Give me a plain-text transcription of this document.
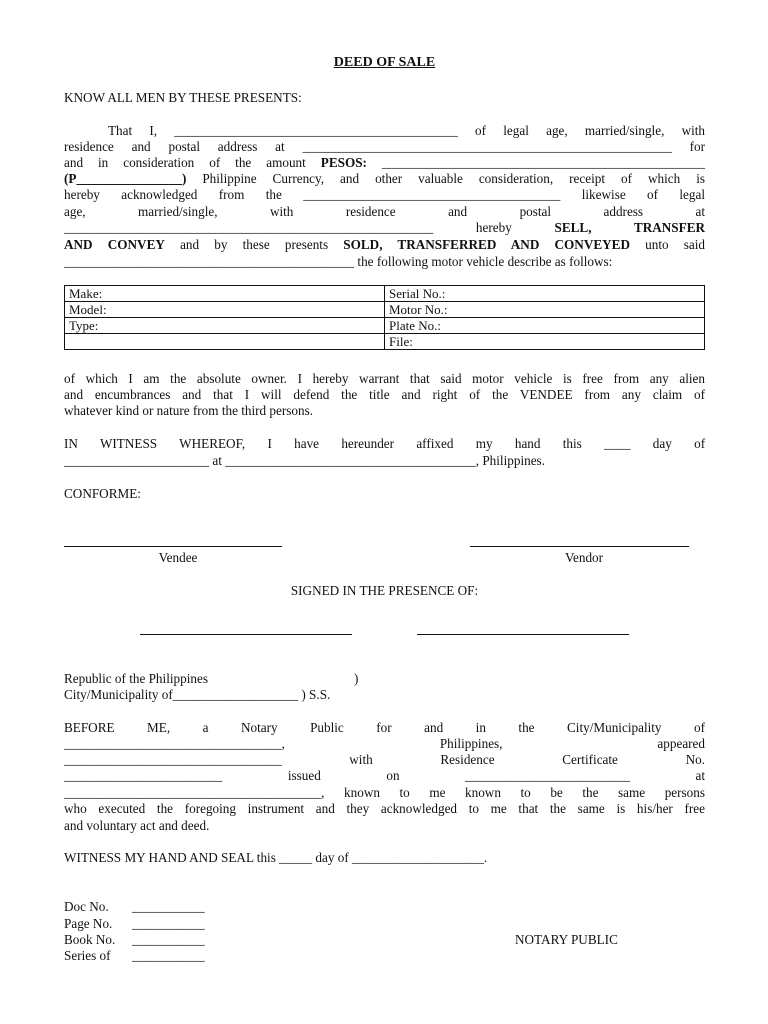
DEED OF SALE
KNOW ALL MEN BY THESE PRESENTS:
That I, ___________________________________________ of legal age, married/single, with
residence and postal address at ________________________________________________________ for
and in consideration of the amount PESOS: _________________________________________________
(P________________) Philippine Currency, and other valuable consideration, receipt of which is
hereby acknowledged from the _______________________________________ likewise of legal
age,	married/single,	with	residence	and	postal	address	at
________________________________________________________	hereby	SELL, TRANSFER
AND CONVEY and by these presents SOLD, TRANSFERRED AND CONVEYED unto said
____________________________________________ the following motor vehicle describe as follows:
Make:	Serial No.:
Model:	Motor No.:
Type:	Plate No.:
	File:
of which I am the absolute owner. I hereby warrant that said motor vehicle is free from any alien
and encumbrances and that I will defend the title and right of the VENDEE from any claim of
whatever kind or nature from the third persons.
IN WITNESS WHEREOF, I have hereunder affixed my hand this ____ day of
______________________ at ______________________________________, Philippines.
CONFORME:
Vendee	Vendor
SIGNED IN THE PRESENCE OF:
Republic of the Philippines	)
City/Municipality of___________________ ) S.S.
BEFORE ME, a Notary Public for and in the City/Municipality of
_________________________________,	Philippines,	appeared
_________________________________	with	Residence	Certificate	No.
________________________	issued	on	_________________________	at
_______________________________________, known to me known to be the same persons
who executed the foregoing instrument and they acknowledged to me that the same is his/her free
and voluntary act and deed.
WITNESS MY HAND AND SEAL this _____ day of ____________________.
Doc No. ___________
Page No. ___________
Book No. ___________
Series of ___________
NOTARY PUBLIC
